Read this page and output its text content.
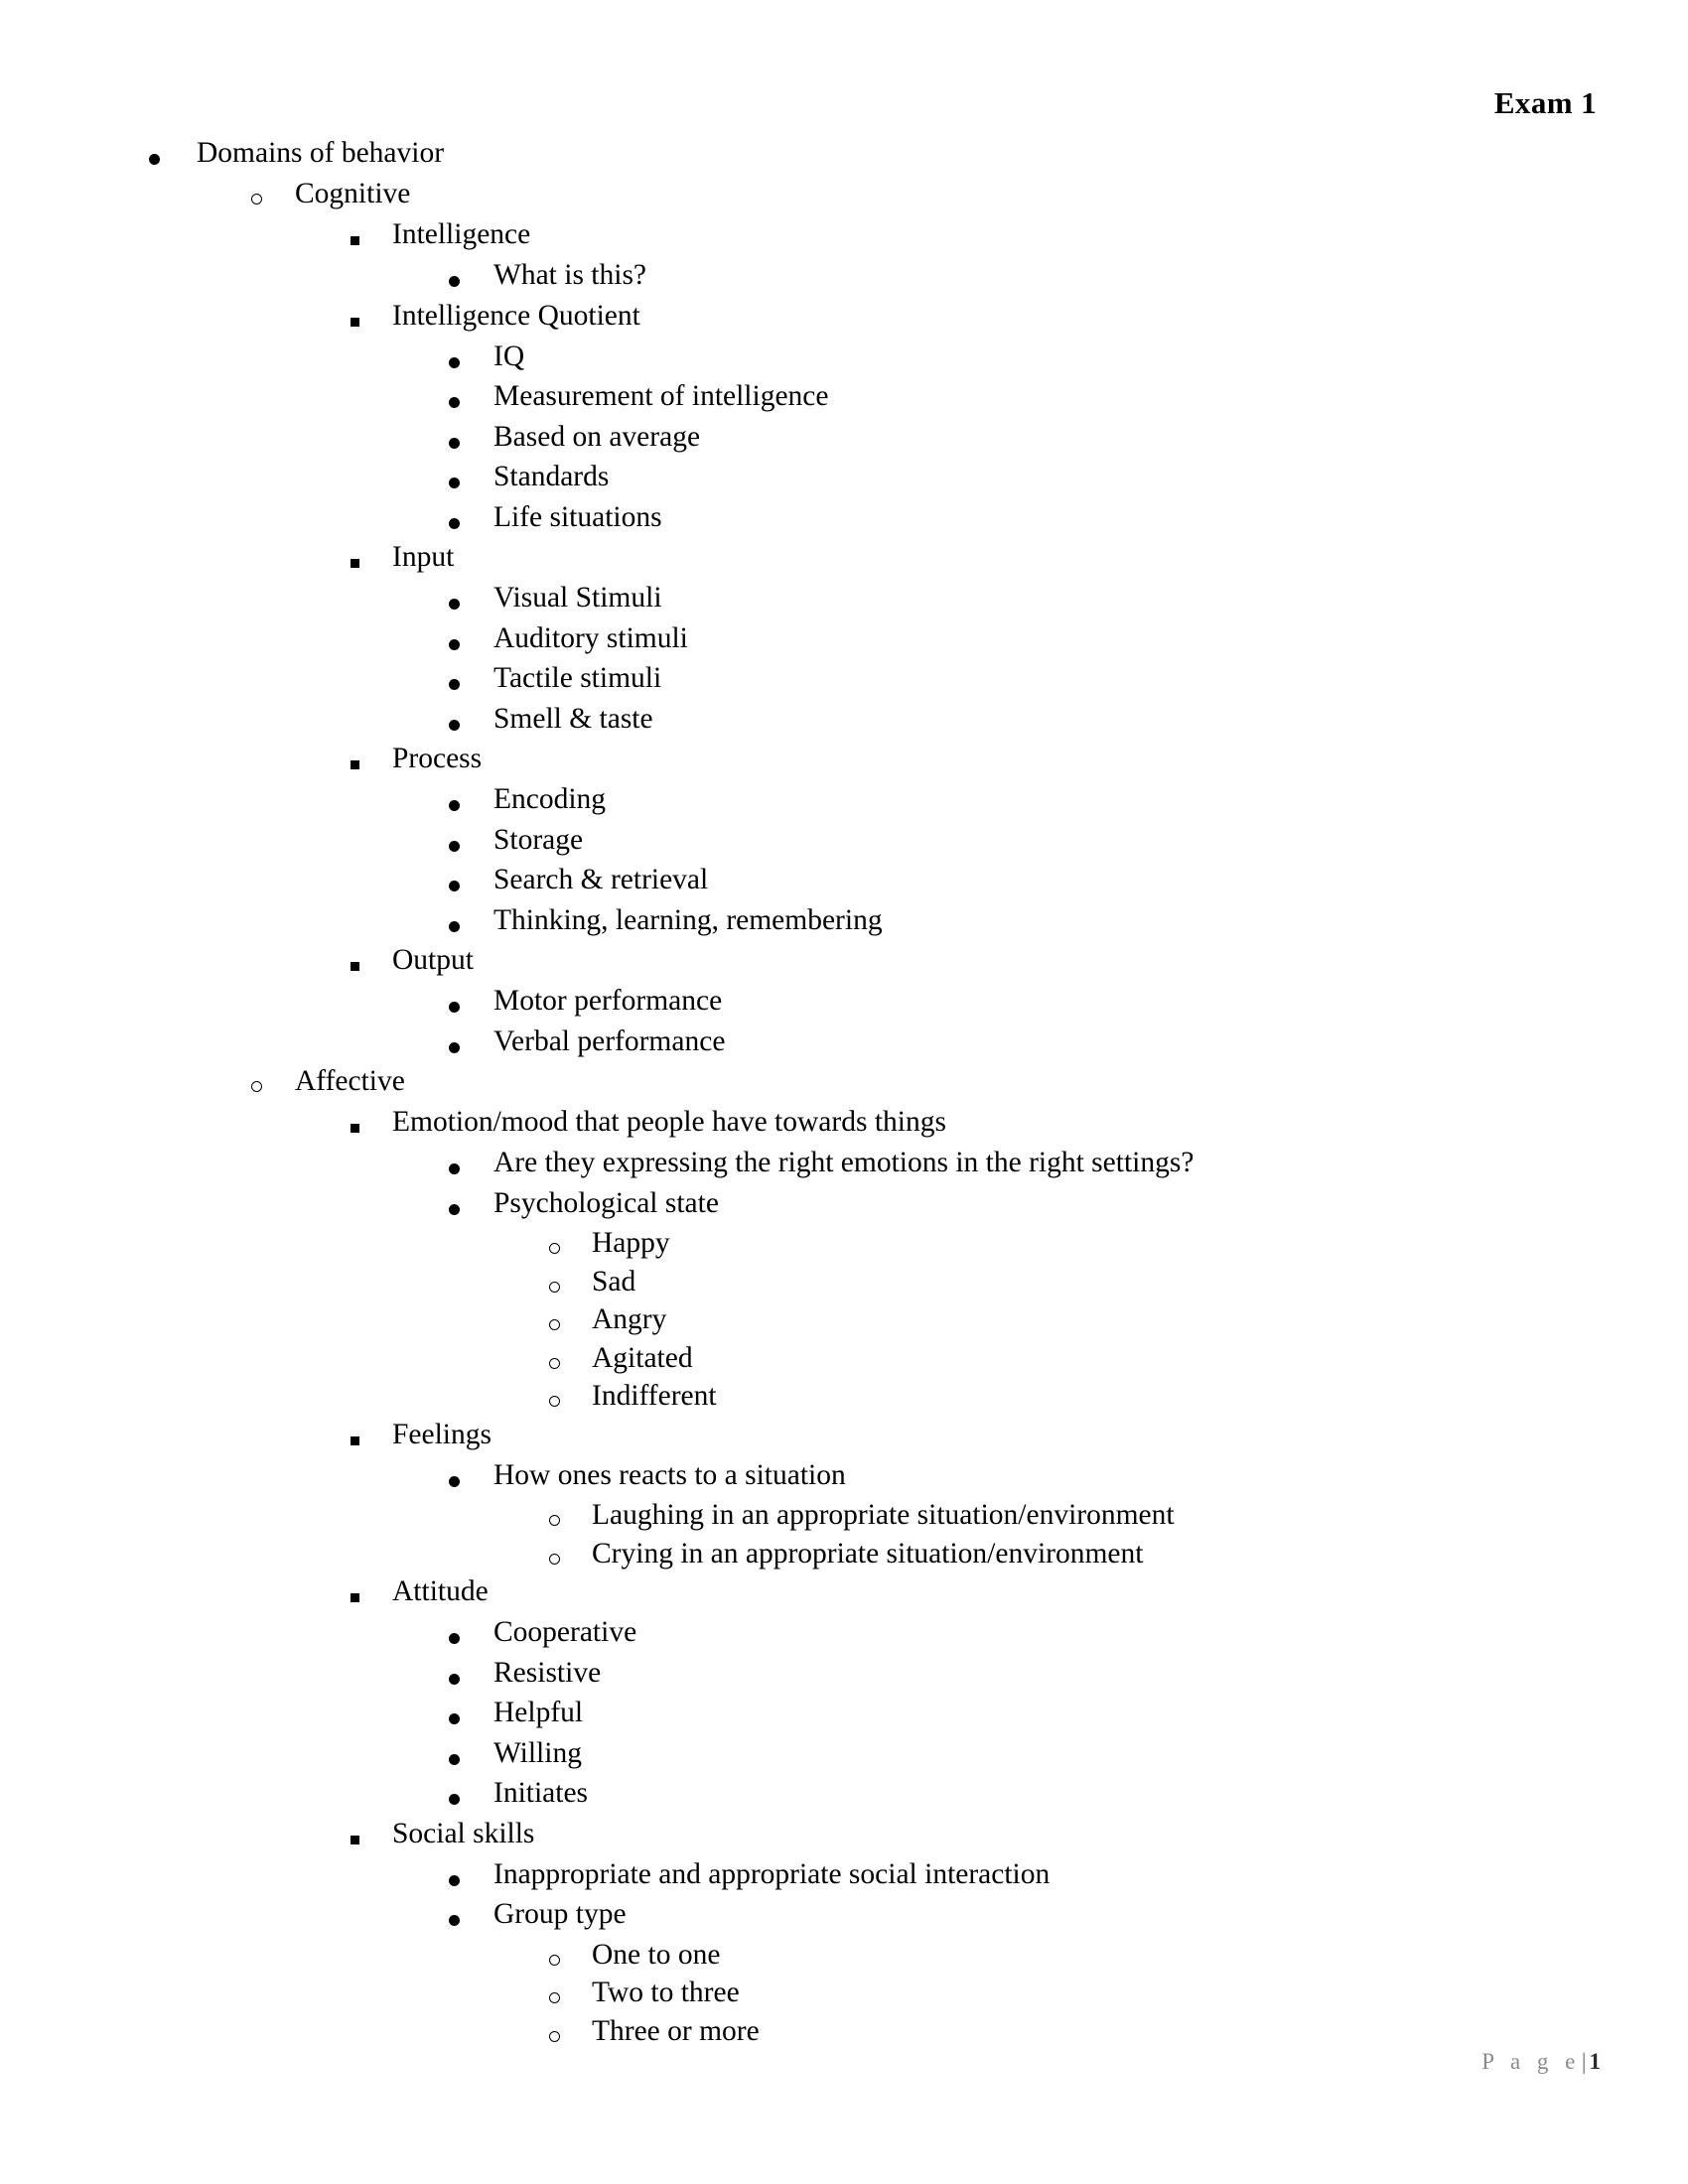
Exam 1
Domains of behavior
Cognitive
Intelligence
What is this?
Intelligence Quotient
IQ
Measurement of intelligence
Based on average
Standards
Life situations
Input
Visual Stimuli
Auditory stimuli
Tactile stimuli
Smell & taste
Process
Encoding
Storage
Search & retrieval
Thinking, learning, remembering
Output
Motor performance
Verbal performance
Affective
Emotion/mood that people have towards things
Are they expressing the right emotions in the right settings?
Psychological state
Happy
Sad
Angry
Agitated
Indifferent
Feelings
How ones reacts to a situation
Laughing in an appropriate situation/environment
Crying in an appropriate situation/environment
Attitude
Cooperative
Resistive
Helpful
Willing
Initiates
Social skills
Inappropriate and appropriate social interaction
Group type
One to one
Two to three
Three or more
P a g e| 1
